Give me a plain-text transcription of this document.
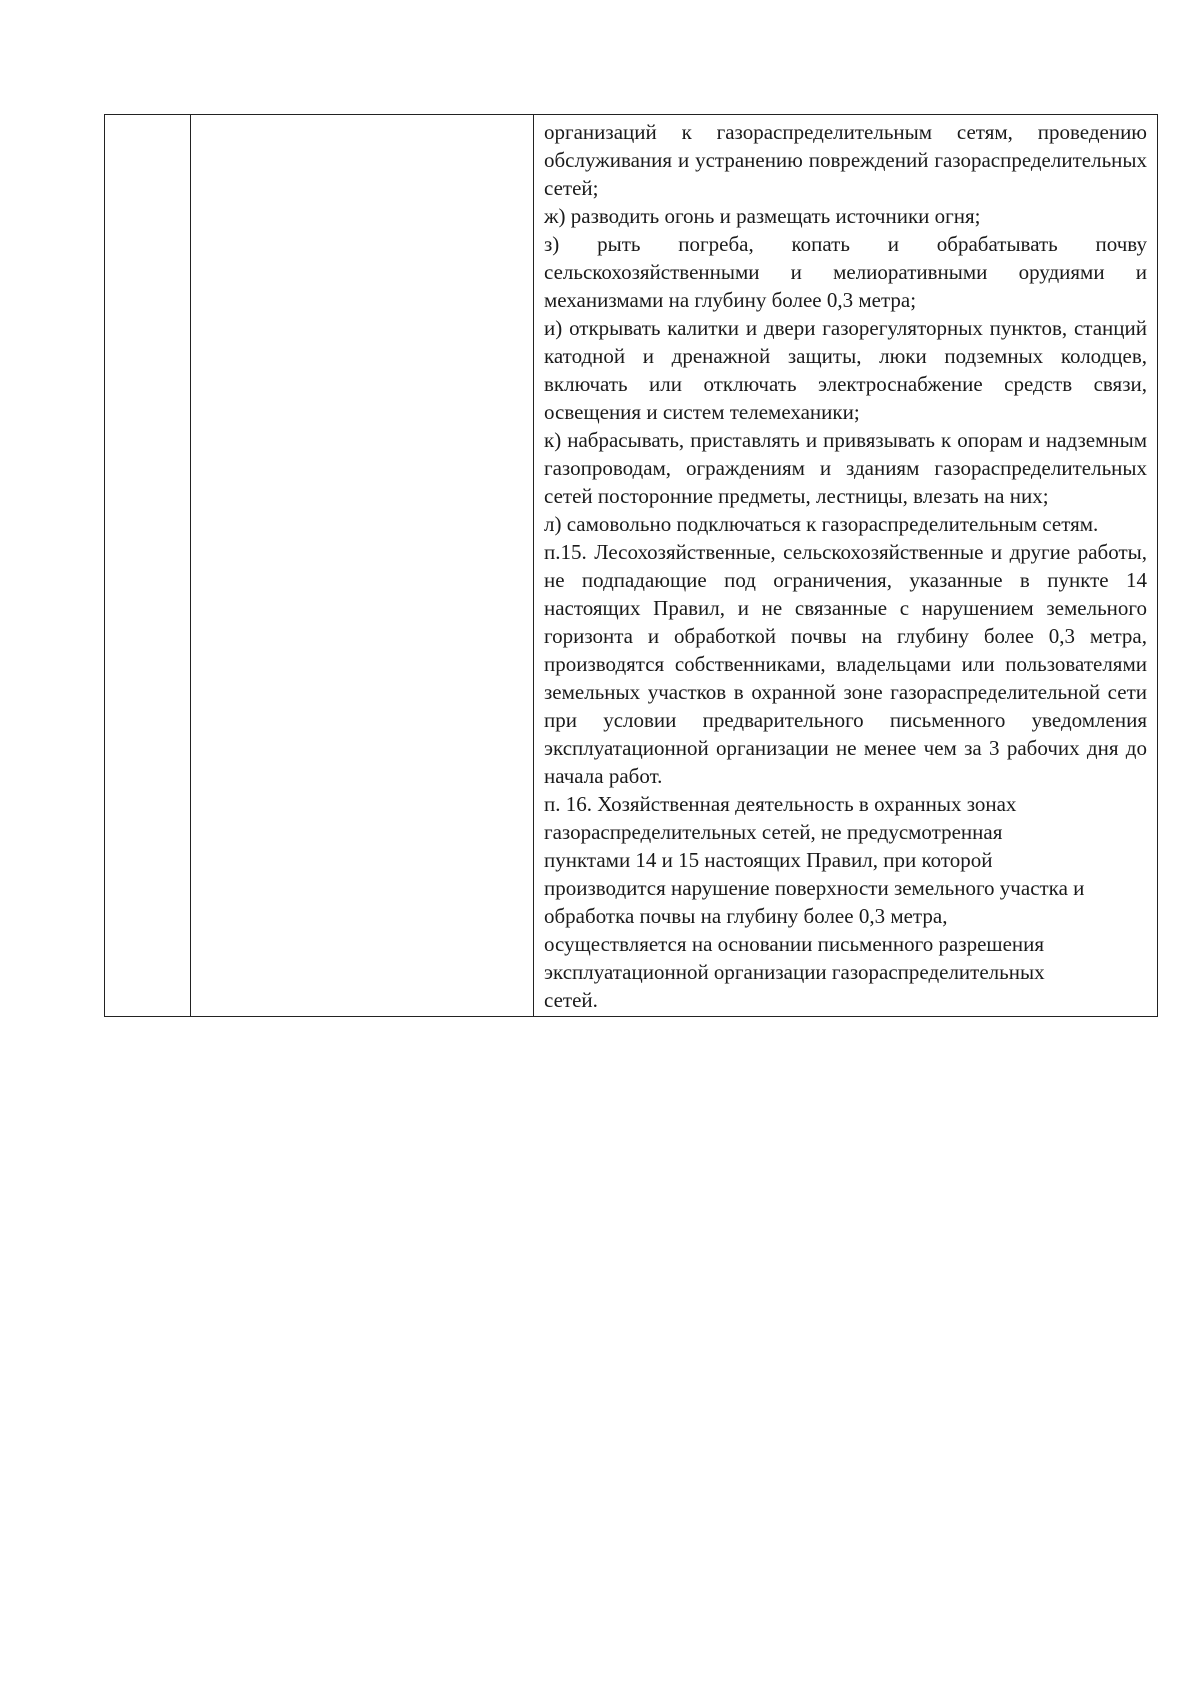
организаций к газораспределительным сетям, проведению обслуживания и устранению повреждений газораспределительных сетей;

ж) разводить огонь и размещать источники огня;

з) рыть погреба, копать и обрабатывать почву сельскохозяйственными и мелиоративными орудиями и механизмами на глубину более 0,3 метра;

и) открывать калитки и двери газорегуляторных пунктов, станций катодной и дренажной защиты, люки подземных колодцев, включать или отключать электроснабжение средств связи, освещения и систем телемеханики;

к) набрасывать, приставлять и привязывать к опорам и надземным газопроводам, ограждениям и зданиям газораспределительных сетей посторонние предметы, лестницы, влезать на них;

л) самовольно подключаться к газораспределительным сетям.

п.15. Лесохозяйственные, сельскохозяйственные и другие работы, не подпадающие под ограничения, указанные в пункте 14 настоящих Правил, и не связанные с нарушением земельного горизонта и обработкой почвы на глубину более 0,3 метра, производятся собственниками, владельцами или пользователями земельных участков в охранной зоне газораспределительной сети при условии предварительного письменного уведомления эксплуатационной организации не менее чем за 3 рабочих дня до начала работ.

п. 16. Хозяйственная деятельность в охранных зонах газораспределительных сетей, не предусмотренная пунктами 14 и 15 настоящих Правил, при которой производится нарушение поверхности земельного участка и обработка почвы на глубину более 0,3 метра, осуществляется на основании письменного разрешения эксплуатационной организации газораспределительных сетей.
